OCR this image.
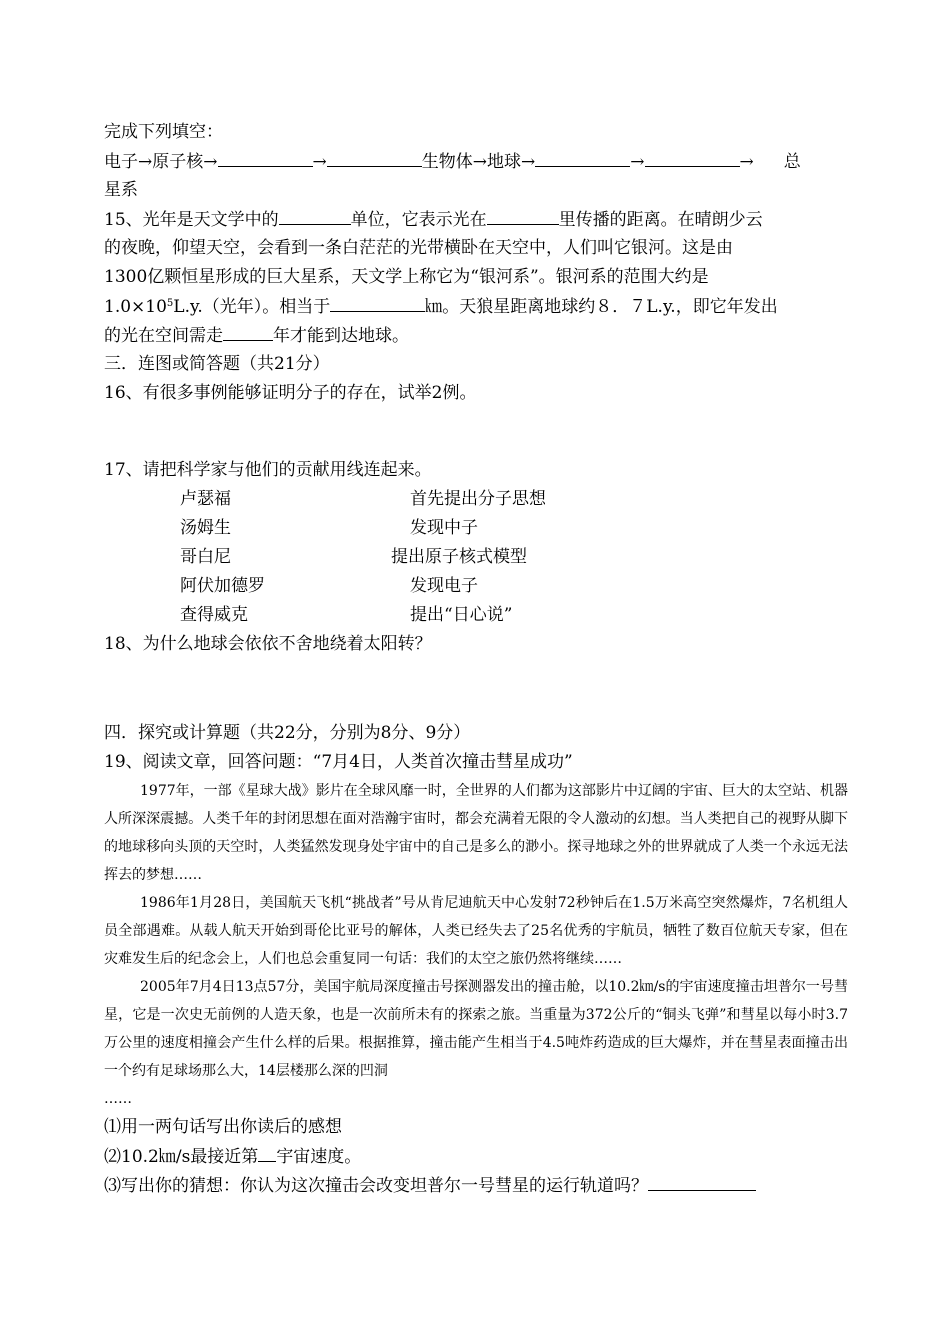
完成下列填空：
电子→原子核→	→	生物体→地球→	→	→ 总
星系
15、光年是天文学中的	单位，它表示光在	里传播的距离。在晴朗少云
的夜晚，仰望天空，会看到一条白茫茫的光带横卧在天空中，人们叫它银河。这是由
1300亿颗恒星形成的巨大星系，天文学上称它为“银河系”。银河系的范围大约是
$1.0\times 10^5L.y$.（光年）。相当于	㎞。天狼星距离地球约８．７L.y.，即它年发出
的光在空间需走	年才能到达地球。
三．连图或简答题（共21分）
16、有很多事例能够证明分子的存在，试举2例。
17、请把科学家与他们的贡献用线连起来。
卢瑟福	首先提出分子思想
汤姆生	发现中子
哥白尼	提出原子核式模型
阿伏加德罗	发现电子
查得威克	提出“日心说”
18、为什么地球会依依不舍地绕着太阳转？
四．探究或计算题（共22分，分别为8分、9分）
19、阅读文章，回答问题：“7月4日，人类首次撞击彗星成功”

1977年，一部《星球大战》影片在全球风靡一时，全世界的人们都为这部影片中辽阔的宇宙、巨大的太空站、机器人所深深震撼。人类千年的封闭思想在面对浩瀚宇宙时，都会充满着无限的令人激动的幻想。当人类把自己的视野从脚下的地球移向头顶的天空时，人类猛然发现身处宇宙中的自己是多么的渺小。探寻地球之外的世界就成了人类一个永远无法挥去的梦想……

1986年1月28日，美国航天飞机“挑战者”号从肯尼迪航天中心发射72秒钟后在1.5万米高空突然爆炸，7名机组人员全部遇难。从载人航天开始到哥伦比亚号的解体，人类已经失去了25名优秀的宇航员，牺牲了数百位航天专家，但在灾难发生后的纪念会上，人们也总会重复同一句话：我们的太空之旅仍然将继续……

2005年7月4日13点57分，美国宇航局深度撞击号探测器发出的撞击舱，以10.2㎞/s的宇宙速度撞击坦普尔一号彗星，它是一次史无前例的人造天象，也是一次前所未有的探索之旅。当重量为372公斤的“铜头飞弹”和彗星以每小时3.7万公里的速度相撞会产生什么样的后果。根据推算，撞击能产生相当于4.5吨炸药造成的巨大爆炸，并在彗星表面撞击出一个约有足球场那么大，14层楼那么深的凹洞

……

⑴用一两句话写出你读后的感想
⑵10.2㎞/s最接近第 宇宙速度。
⑶写出你的猜想：你认为这次撞击会改变坦普尔一号彗星的运行轨道吗？
